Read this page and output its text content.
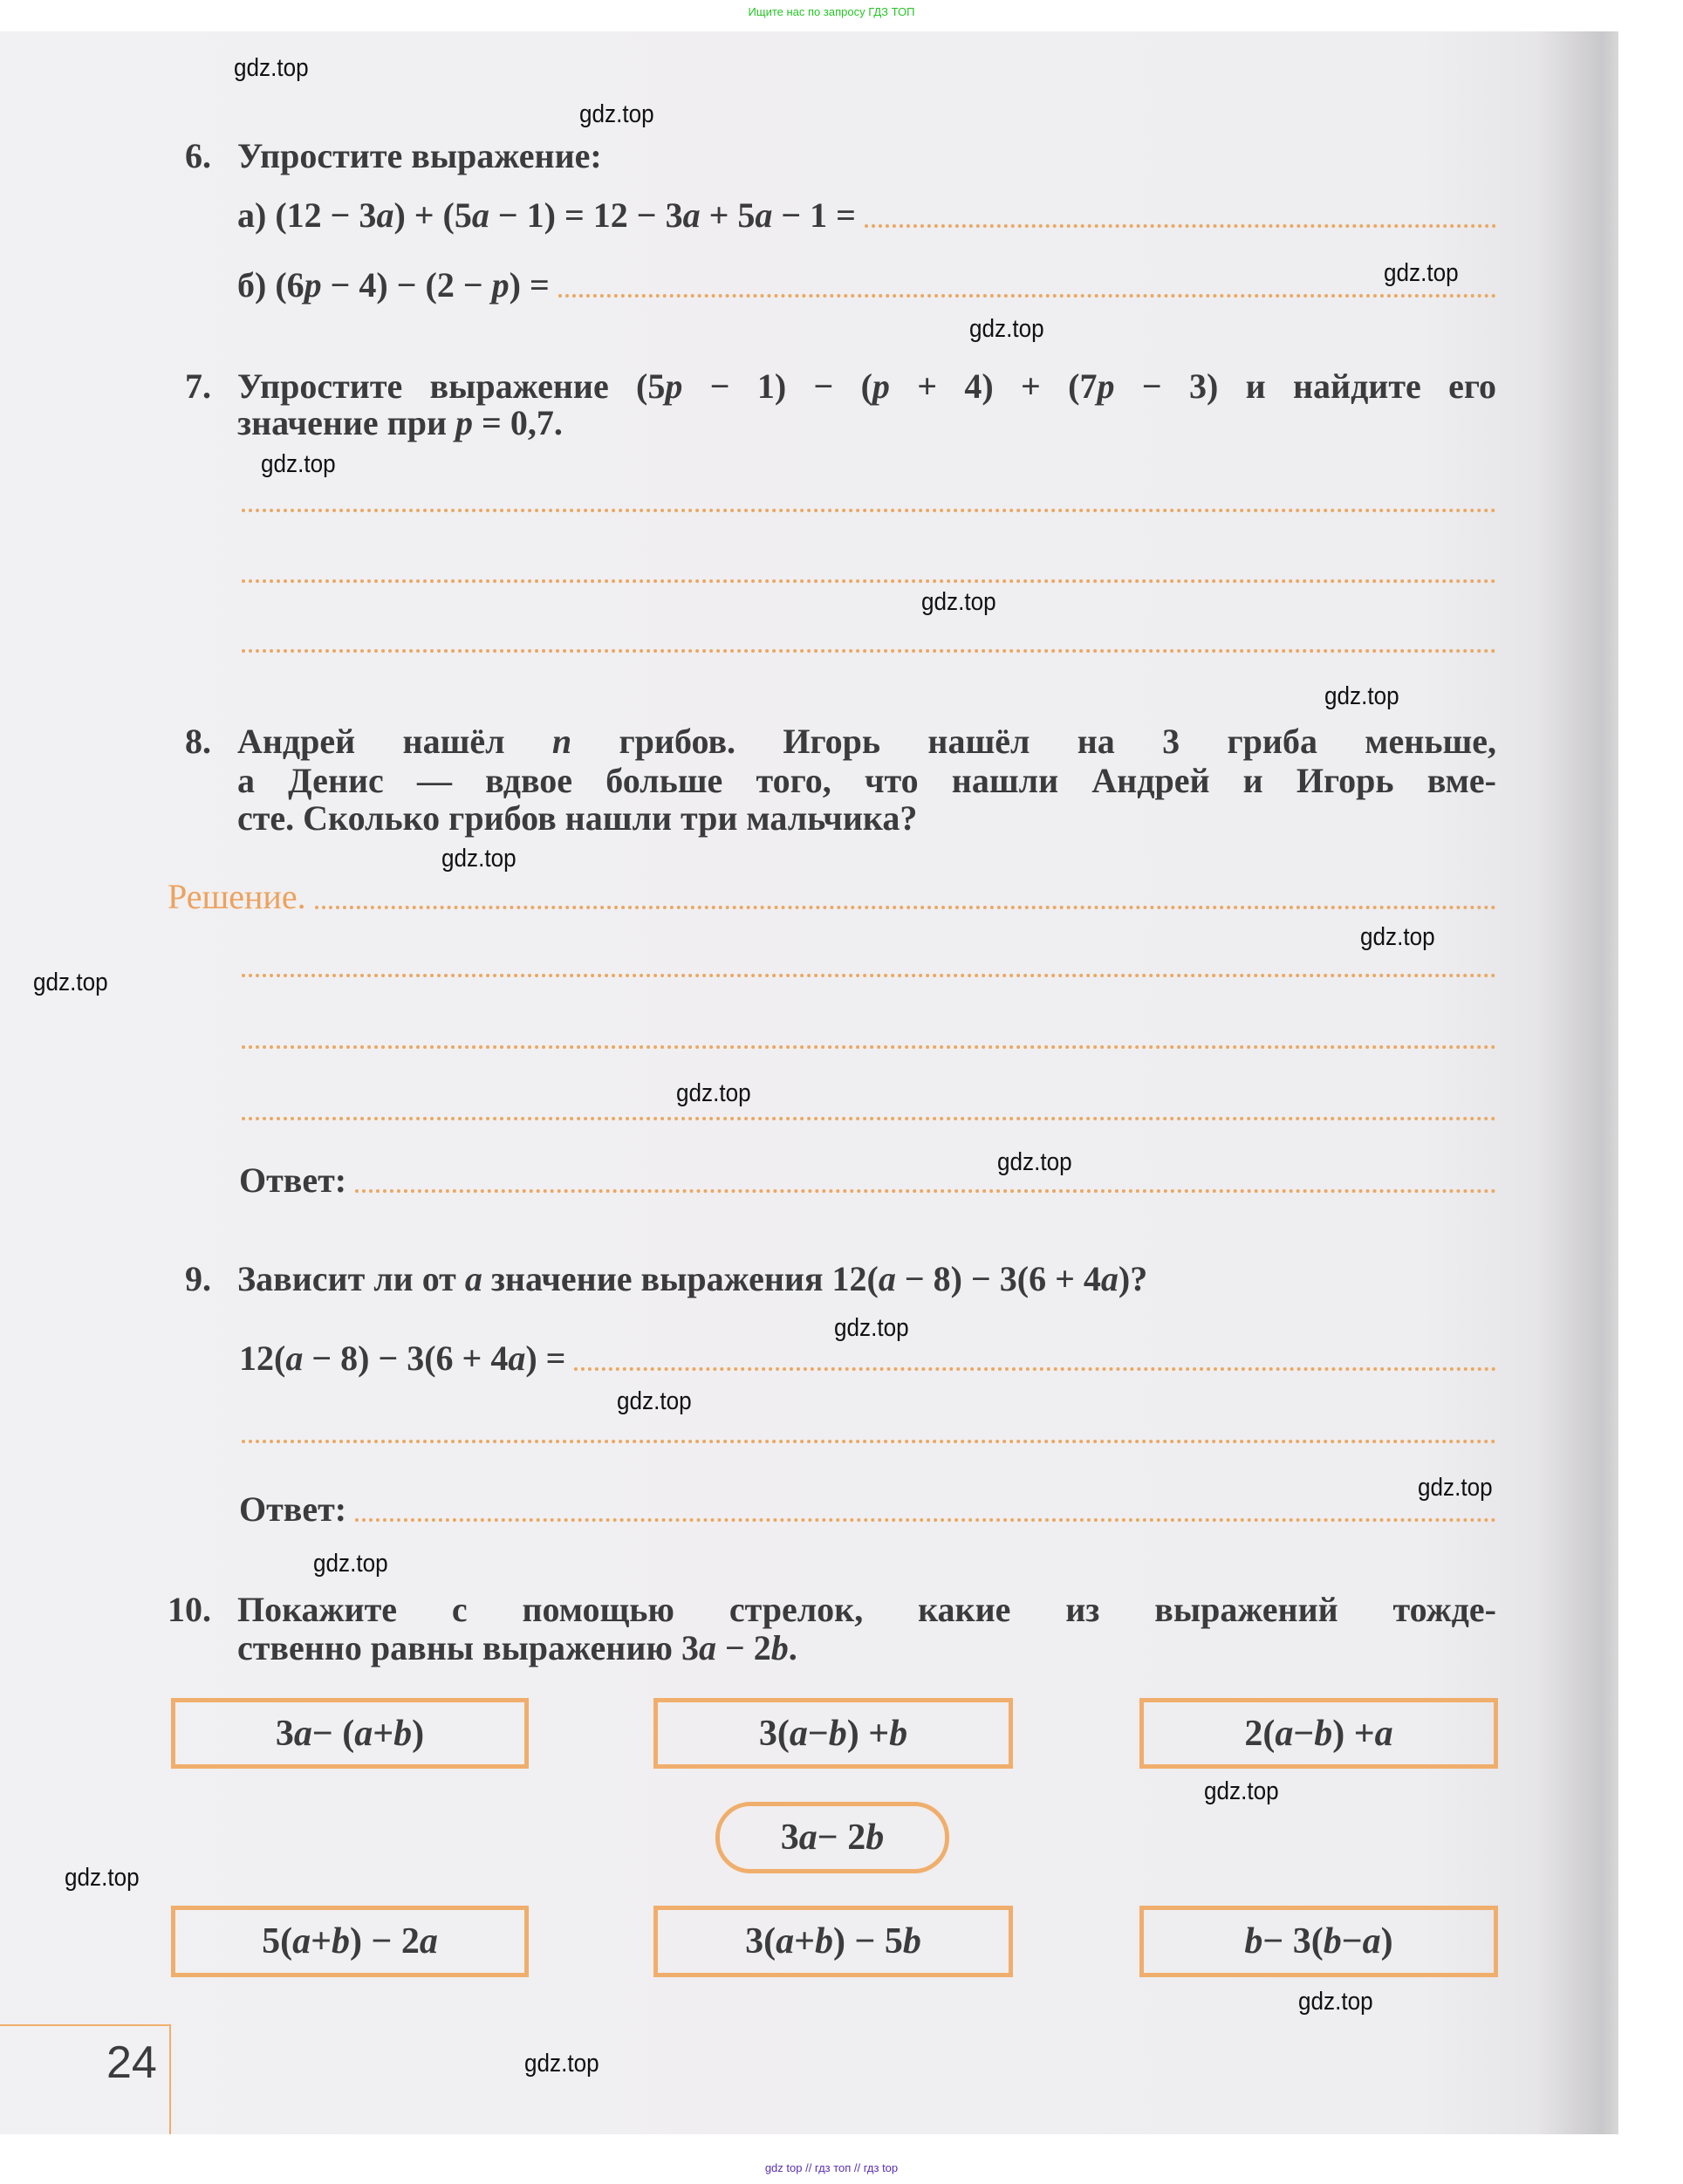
Ищите нас по запросу ГДЗ ТОП
6. Упростите выражение:
а) (12 − 3a) + (5a − 1) = 12 − 3a + 5a − 1 =
б) (6p − 4) − (2 − p) =
7. Упростите выражение (5p − 1) − (p + 4) + (7p − 3) и найдите его
значение при p = 0,7.
8. Андрей нашёл n грибов. Игорь нашёл на 3 гриба меньше,
а Денис — вдвое больше того, что нашли Андрей и Игорь вме-
сте. Сколько грибов нашли три мальчика?
Решение.
Ответ:
9. Зависит ли от a значение выражения 12(a − 8) − 3(6 + 4a)?
12(a − 8) − 3(6 + 4a) =
Ответ:
10. Покажите с помощью стрелок, какие из выражений тожде-
ственно равны выражению 3a − 2b.
3 a − ( a + b )	3( a − b ) + b	2( a − b ) + a
3 a − 2 b
5( a + b ) − 2 a	3( a + b ) − 5 b	b − 3( b − a )
24
gdz.top
gdz.top
gdz.top
gdz.top
gdz.top
gdz.top
gdz.top
gdz.top
gdz.top
gdz.top
gdz.top
gdz.top
gdz.top
gdz.top
gdz.top
gdz.top
gdz.top
gdz.top
gdz.top
gdz.top
gdz top // гдз топ // гдз top
